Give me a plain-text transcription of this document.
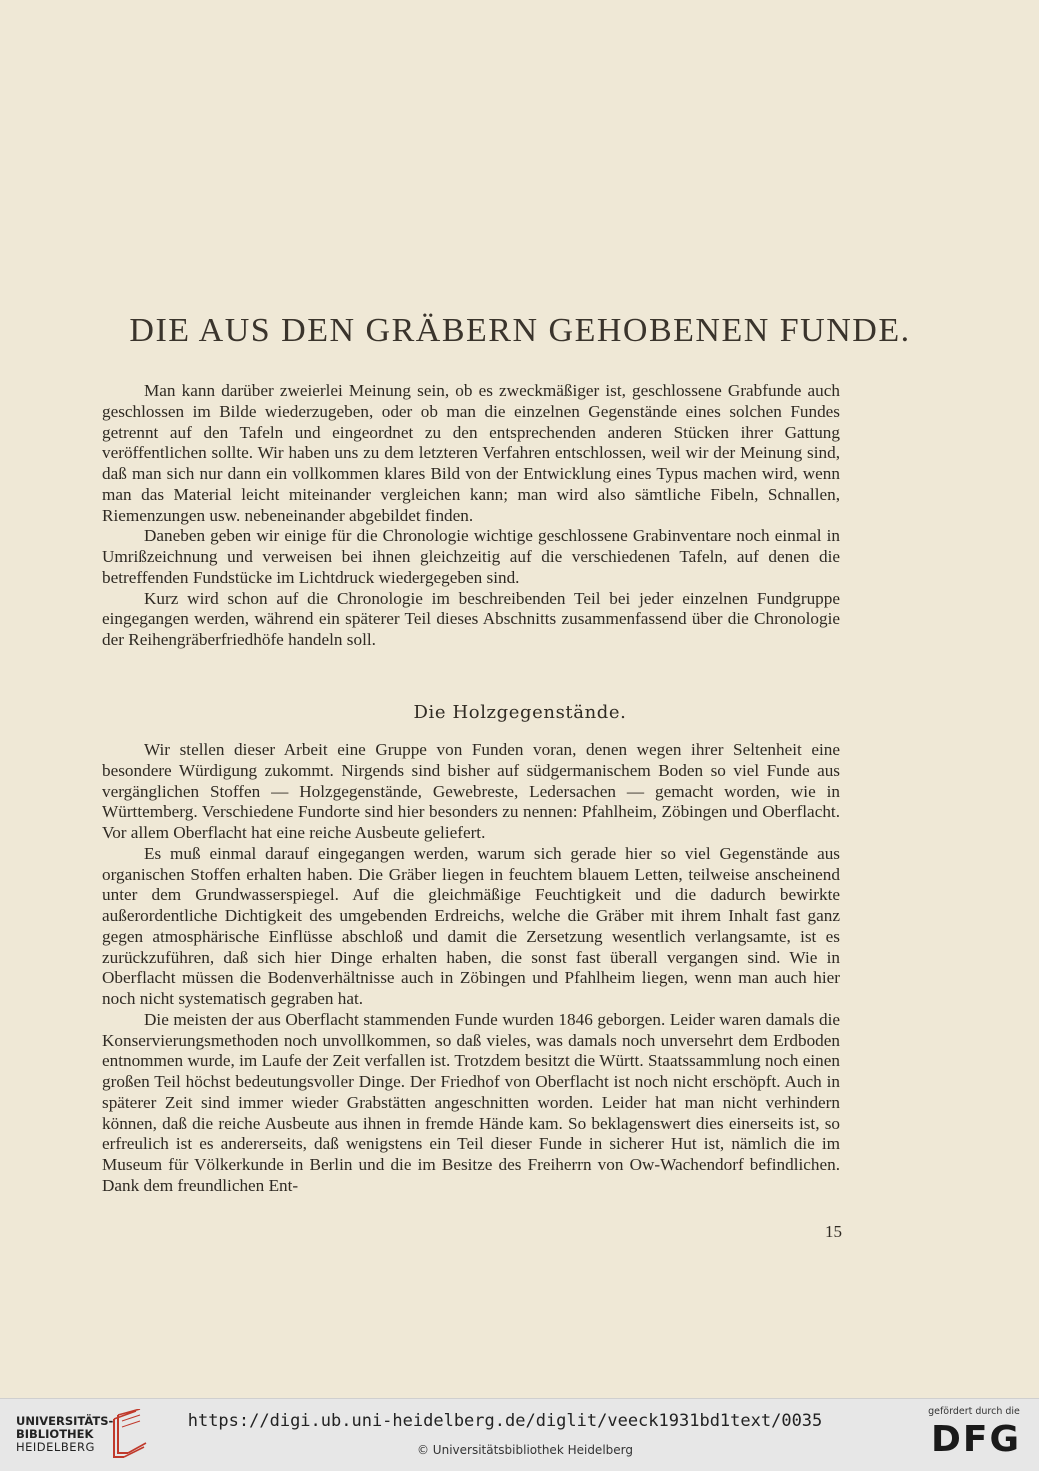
DIE AUS DEN GRÄBERN GEHOBENEN FUNDE.

Man kann darüber zweierlei Meinung sein, ob es zweckmäßiger ist, geschlossene Grabfunde auch geschlossen im Bilde wiederzugeben, oder ob man die einzelnen Gegenstände eines solchen Fundes getrennt auf den Tafeln und eingeordnet zu den entsprechenden anderen Stücken ihrer Gattung veröffentlichen sollte. Wir haben uns zu dem letzteren Verfahren entschlossen, weil wir der Meinung sind, daß man sich nur dann ein vollkommen klares Bild von der Entwicklung eines Typus machen wird, wenn man das Material leicht miteinander vergleichen kann; man wird also sämtliche Fibeln, Schnallen, Riemenzungen usw. nebeneinander abgebildet finden.

Daneben geben wir einige für die Chronologie wichtige geschlossene Grabinventare noch einmal in Umrißzeichnung und verweisen bei ihnen gleichzeitig auf die verschiedenen Tafeln, auf denen die betreffenden Fundstücke im Lichtdruck wiedergegeben sind.

Kurz wird schon auf die Chronologie im beschreibenden Teil bei jeder einzelnen Fundgruppe eingegangen werden, während ein späterer Teil dieses Abschnitts zusammenfassend über die Chronologie der Reihengräberfriedhöfe handeln soll.

Die Holzgegenstände.

Wir stellen dieser Arbeit eine Gruppe von Funden voran, denen wegen ihrer Seltenheit eine besondere Würdigung zukommt. Nirgends sind bisher auf südgermanischem Boden so viel Funde aus vergänglichen Stoffen — Holzgegenstände, Gewebreste, Ledersachen — gemacht worden, wie in Württemberg. Verschiedene Fundorte sind hier besonders zu nennen: Pfahlheim, Zöbingen und Oberflacht. Vor allem Oberflacht hat eine reiche Ausbeute geliefert.

Es muß einmal darauf eingegangen werden, warum sich gerade hier so viel Gegenstände aus organischen Stoffen erhalten haben. Die Gräber liegen in feuchtem blauem Letten, teilweise anscheinend unter dem Grundwasserspiegel. Auf die gleichmäßige Feuchtigkeit und die dadurch bewirkte außerordentliche Dichtigkeit des umgebenden Erdreichs, welche die Gräber mit ihrem Inhalt fast ganz gegen atmosphärische Einflüsse abschloß und damit die Zersetzung wesentlich verlangsamte, ist es zurückzuführen, daß sich hier Dinge erhalten haben, die sonst fast überall vergangen sind. Wie in Oberflacht müssen die Bodenverhältnisse auch in Zöbingen und Pfahlheim liegen, wenn man auch hier noch nicht systematisch gegraben hat.

Die meisten der aus Oberflacht stammenden Funde wurden 1846 geborgen. Leider waren damals die Konservierungsmethoden noch unvollkommen, so daß vieles, was damals noch unversehrt dem Erdboden entnommen wurde, im Laufe der Zeit verfallen ist. Trotzdem besitzt die Württ. Staatssammlung noch einen großen Teil höchst bedeutungsvoller Dinge. Der Friedhof von Oberflacht ist noch nicht erschöpft. Auch in späterer Zeit sind immer wieder Grabstätten angeschnitten worden. Leider hat man nicht verhindern können, daß die reiche Ausbeute aus ihnen in fremde Hände kam. So beklagenswert dies einerseits ist, so erfreulich ist es andererseits, daß wenigstens ein Teil dieser Funde in sicherer Hut ist, nämlich die im Museum für Völkerkunde in Berlin und die im Besitze des Freiherrn von Ow-Wachendorf befindlichen. Dank dem freundlichen Ent-

15
UNIVERSITÄTS-
BIBLIOTHEK
HEIDELBERG
https://digi.ub.uni-heidelberg.de/diglit/veeck1931bd1text/0035
© Universitätsbibliothek Heidelberg
gefördert durch die
DFG
